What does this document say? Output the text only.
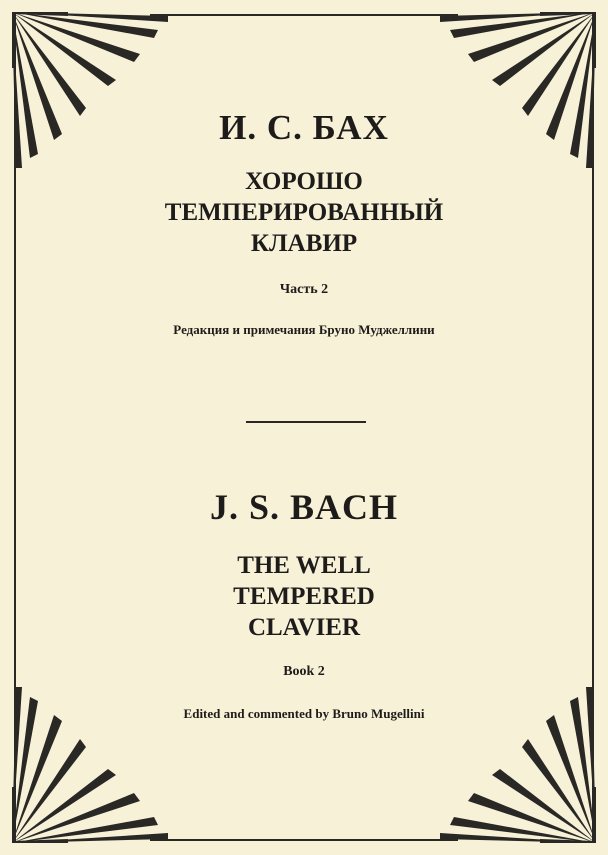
И. С. БАХ
ХОРОШО
ТЕМПЕРИРОВАННЫЙ
КЛАВИР
Часть 2
Редакция и примечания Бруно Муджеллини
J. S. BACH
THE WELL
TEMPERED
CLAVIER
Book 2
Edited and commented by Bruno Mugellini
